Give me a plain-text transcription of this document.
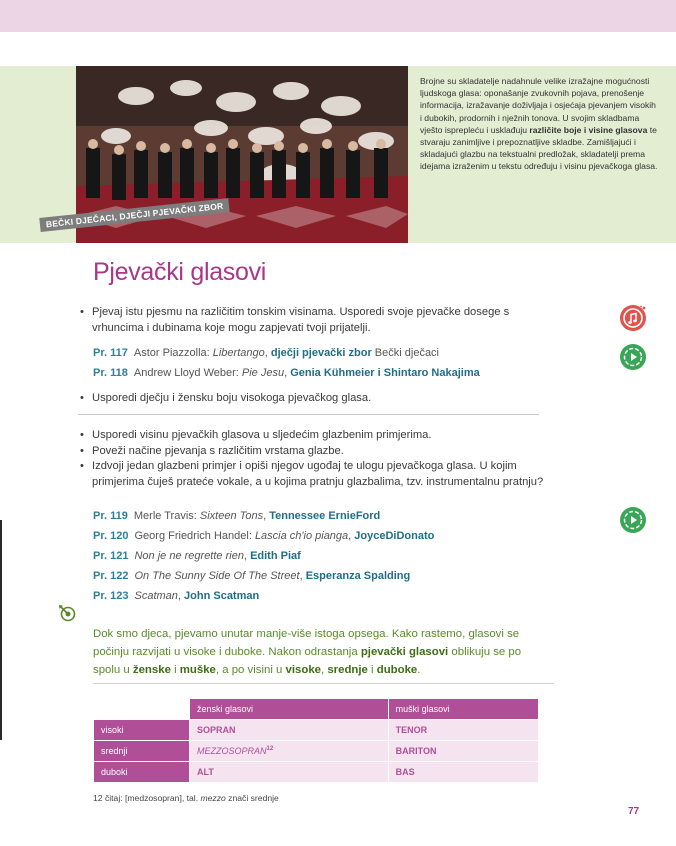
BEČKI DJEČACI, DJEČJI PJEVAČKI ZBOR
Brojne su skladatelje nadahnule velike izražajne mogućnosti ljudskoga glasa: oponašanje zvukovnih pojava, prenošenje informacija, izražavanje doživljaja i osjećaja pjevanjem visokih i dubokih, prodornih i nježnih tonova. U svojim skladbama vješto isprepleću i usklađuju različite boje i visine glasova te stvaraju zanimljive i prepoznatljive skladbe. Zamišljajući i skladajući glazbu na tekstualni predložak, skladatelji prema idejama izraženim u tekstu određuju i visinu pjevačkoga glasa.
Pjevački glasovi
• Pjevaj istu pjesmu na različitim tonskim visinama. Usporedi svoje pjevačke dosege s vrhuncima i dubinama koje mogu zapjevati tvoji prijatelji.
Pr. 117 Astor Piazzolla: Libertango, dječji pjevački zbor Bečki dječaci
Pr. 118 Andrew Lloyd Weber: Pie Jesu, Genia Kühmeier i Shintaro Nakajima
• Usporedi dječju i žensku boju visokoga pjevačkog glasa.
• Usporedi visinu pjevačkih glasova u sljedećim glazbenim primjerima.
• Poveži načine pjevanja s različitim vrstama glazbe.
• Izdvoji jedan glazbeni primjer i opiši njegov ugođaj te ulogu pjevačkoga glasa. U kojim primjerima čuješ prateće vokale, a u kojima pratnju glazbalima, tzv. instrumentalnu pratnju?
Pr. 119 Merle Travis: Sixteen Tons, Tennessee ErnieFord
Pr. 120 Georg Friedrich Handel: Lascia ch'io pianga, JoyceDiDonato
Pr. 121 Non je ne regrette rien, Edith Piaf
Pr. 122 On The Sunny Side Of The Street, Esperanza Spalding
Pr. 123 Scatman, John Scatman
Dok smo djeca, pjevamo unutar manje-više istoga opsega. Kako rastemo, glasovi se počinju razvijati u visoke i duboke. Nakon odrastanja pjevački glasovi oblikuju se po spolu u ženske i muške, a po visini u visoke, srednje i duboke.
	ženski glasovi	muški glasovi
visoki	SOPRAN	TENOR
srednji	MEZZOSOPRAN$^{12}$	BARITON
duboki	ALT	BAS
12 čitaj: [medzosopran], tal. mezzo znači srednje
77
